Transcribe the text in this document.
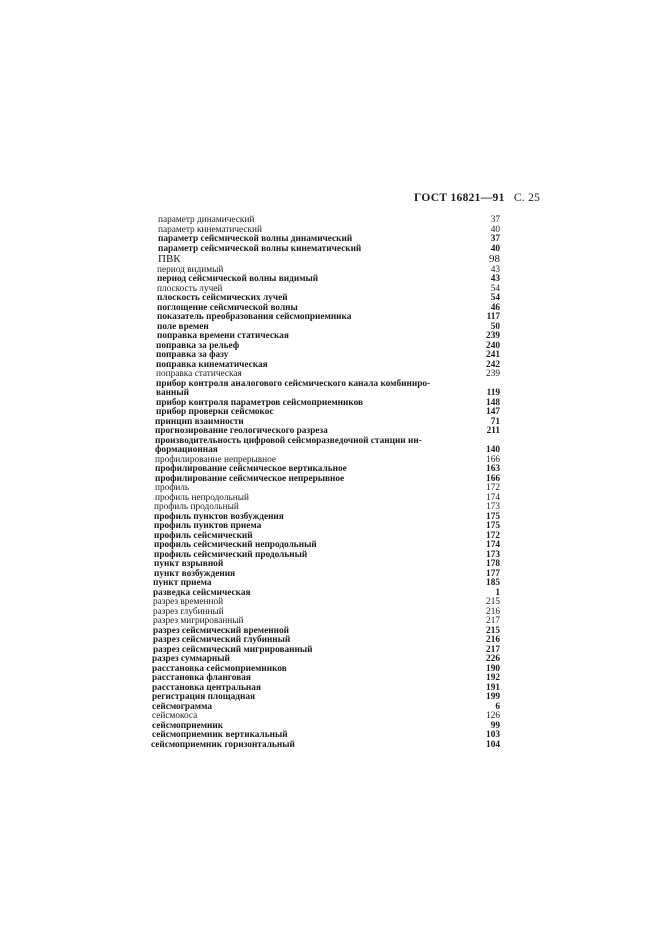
ГОСТ 16821—91 С. 25
параметр динамический	37
параметр кинематический	40
параметр сейсмической волны динамический	37
параметр сейсмической волны кинематический	40
ПВК	98
период видимый	43
период сейсмической волны видимый	43
плоскость лучей	54
плоскость сейсмических лучей	54
поглощение сейсмической волны	46
показатель преобразования сейсмоприемника	117
поле времен	50
поправка времени статическая	239
поправка за рельеф	240
поправка за фазу	241
поправка кинематическая	242
поправка статическая	239
прибор контроля аналогового сейсмического канала комбиниро-
ванный	119
прибор контроля параметров сейсмоприемников	148
прибор проверки сейсмокос	147
принцип взаимности	71
прогнозирование геологического разреза	211
производительность цифровой сейсморазведочной станции ин-
формационная	140
профилирование непрерывное	166
профилирование сейсмическое вертикальное	163
профилирование сейсмическое непрерывное	166
профиль	172
профиль непродольный	174
профиль продольный	173
профиль пунктов возбуждения	175
профиль пунктов приема	175
профиль сейсмический	172
профиль сейсмический непродольный	174
профиль сейсмический продольный	173
пункт взрывной	178
пункт возбуждения	177
пункт приема	185
разведка сейсмическая	1
разрез временной	215
разрез глубинный	216
разрез мигрированный	217
разрез сейсмический временной	215
разрез сейсмический глубинный	216
разрез сейсмический мигрированный	217
разрез суммарный	226
расстановка сейсмоприемников	190
расстановка фланговая	192
расстановка центральная	191
регистрация площадная	199
сейсмограмма	6
сейсмокоса	126
сейсмоприемник	99
сейсмоприемник вертикальный	103
сейсмоприемник горизонтальный	104
